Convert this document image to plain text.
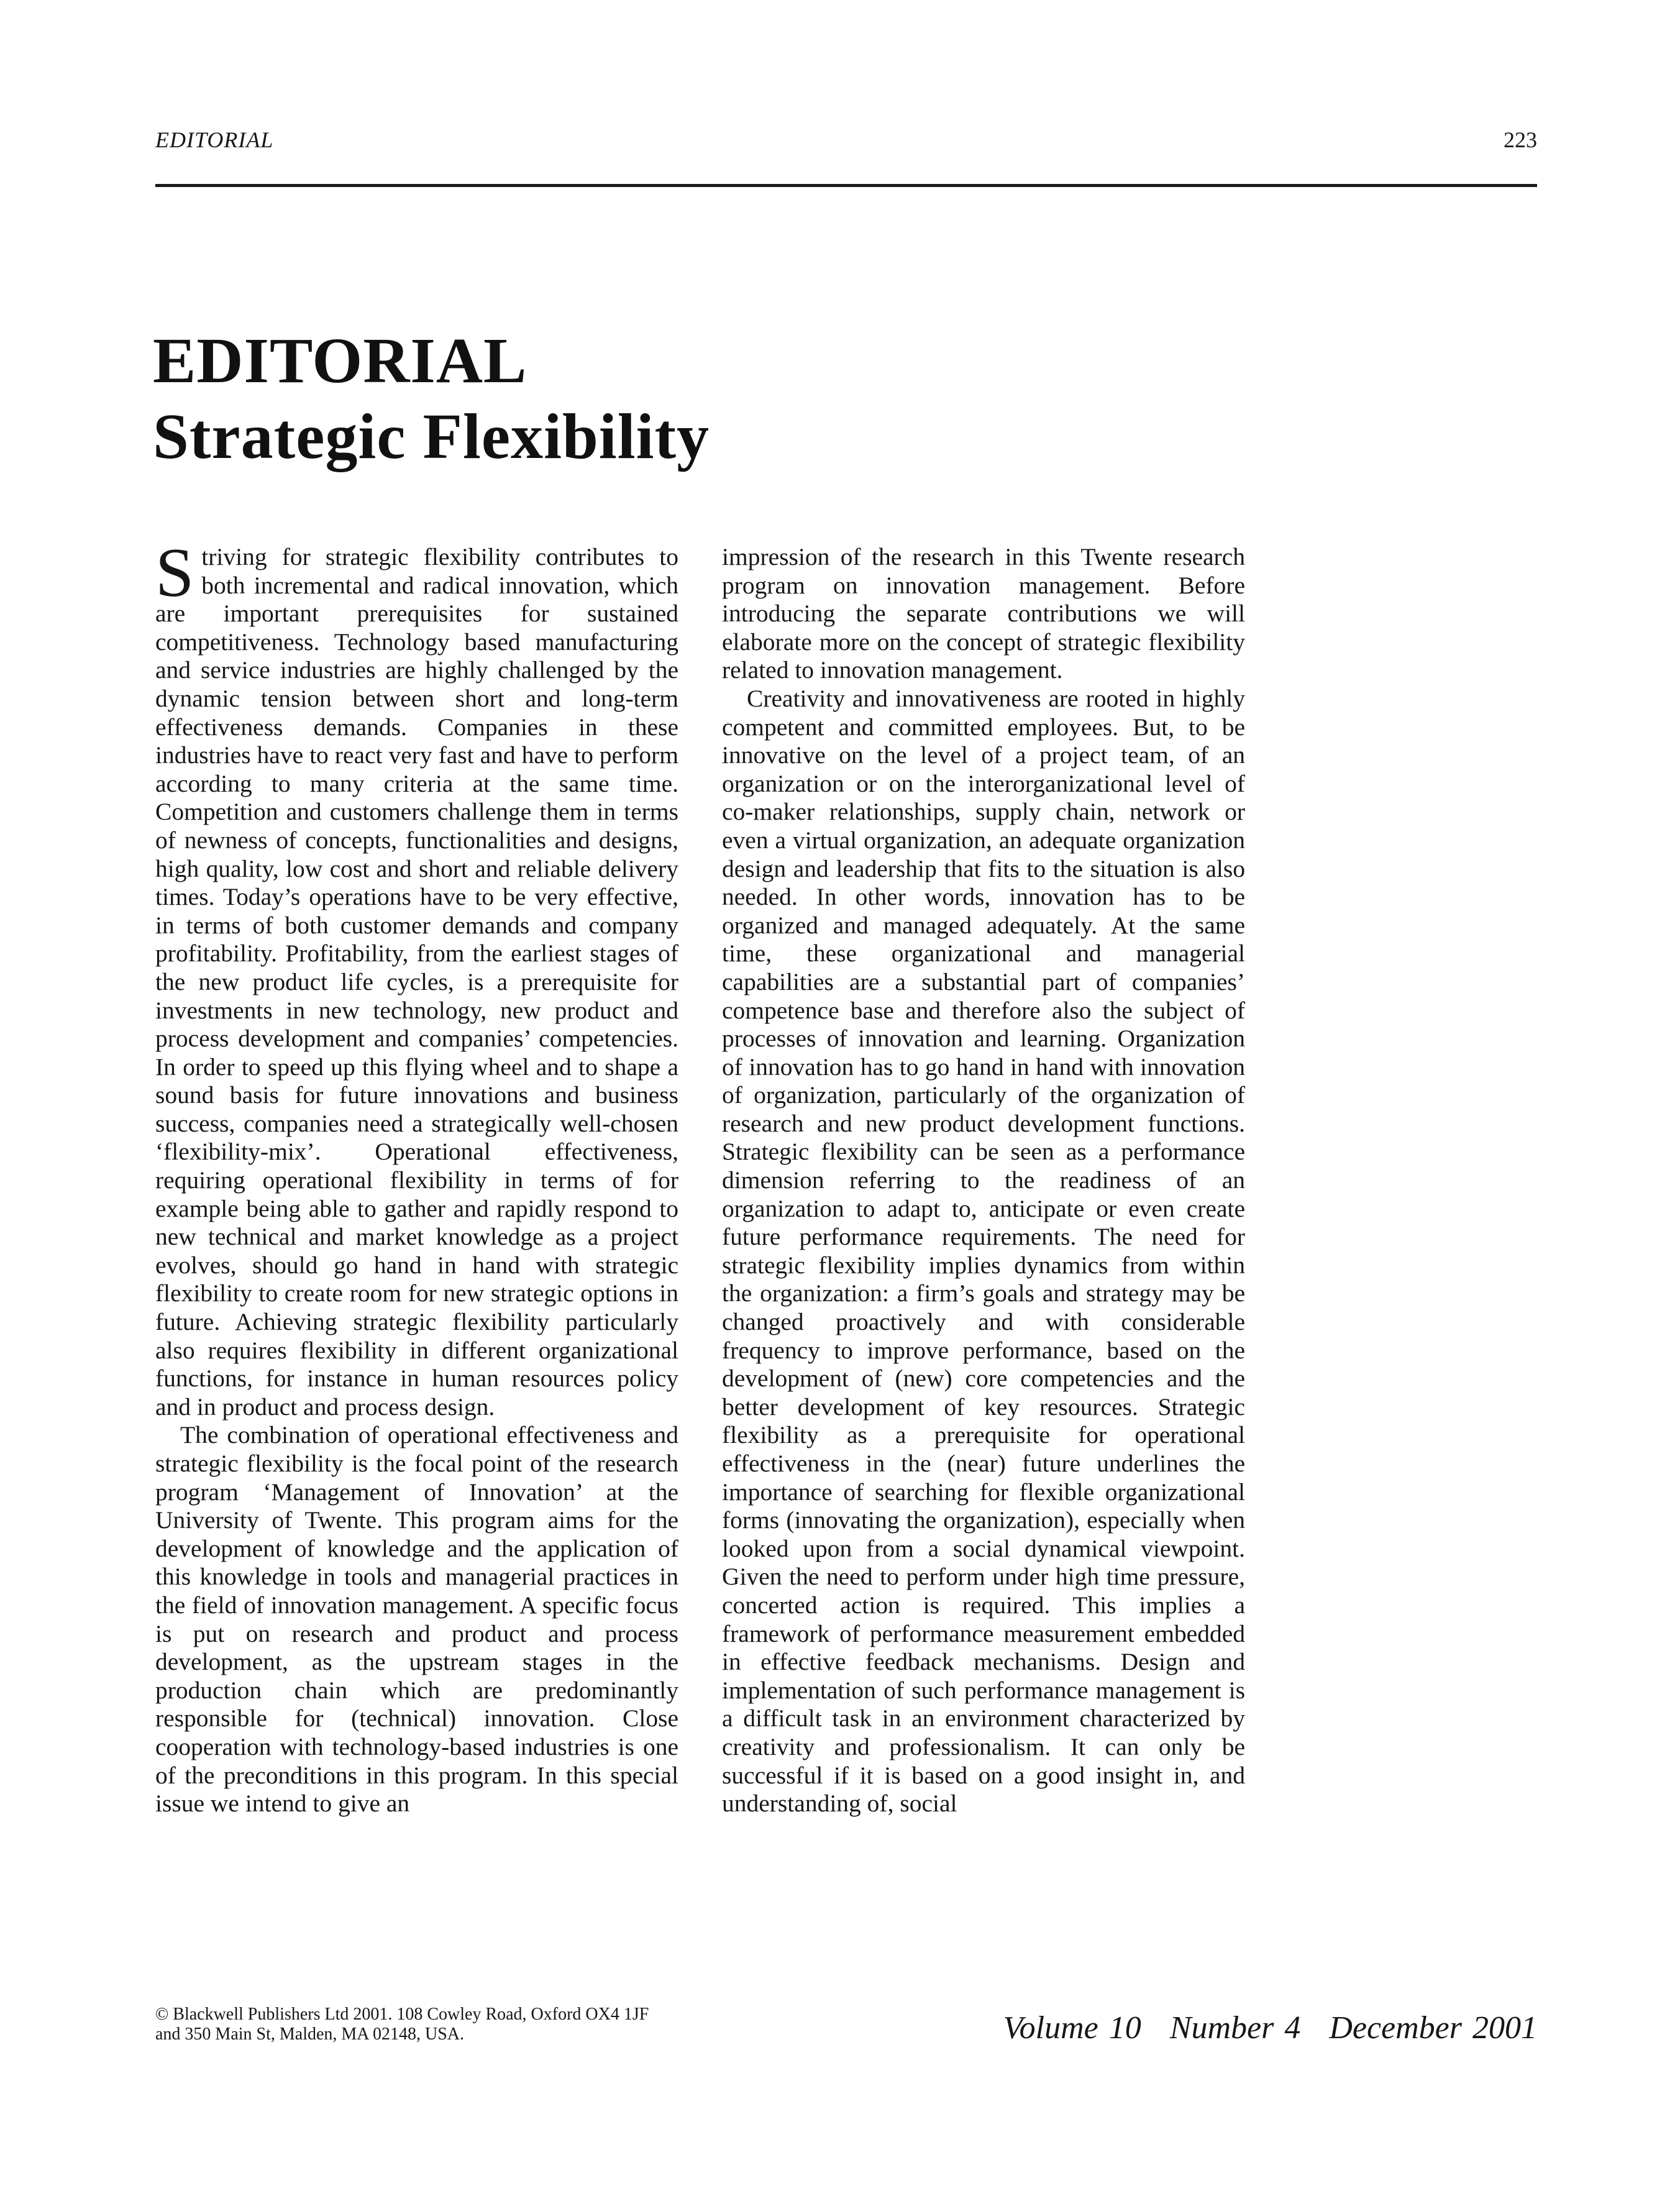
EDITORIAL	223
EDITORIAL
Strategic Flexibility

Striving for strategic flexibility contributes to both incremental and radical innovation, which are important prerequisites for sustained competitiveness. Technology based manufacturing and service industries are highly challenged by the dynamic tension between short and long-term effectiveness demands. Companies in these industries have to react very fast and have to perform according to many criteria at the same time. Competition and customers challenge them in terms of newness of concepts, functionalities and designs, high quality, low cost and short and reliable delivery times. Today’s operations have to be very effective, in terms of both customer demands and company profitability. Profitability, from the earliest stages of the new product life cycles, is a prerequisite for investments in new technology, new product and process development and companies’ competencies. In order to speed up this flying wheel and to shape a sound basis for future innovations and business success, companies need a strategically well-chosen ‘flexibility-mix’. Operational effectiveness, requiring operational flexibility in terms of for example being able to gather and rapidly respond to new technical and market knowledge as a project evolves, should go hand in hand with strategic flexibility to create room for new strategic options in future. Achieving strategic flexibility particularly also requires flexibility in different organizational functions, for instance in human resources policy and in product and process design.

The combination of operational effectiveness and strategic flexibility is the focal point of the research program ‘Management of Innovation’ at the University of Twente. This program aims for the development of knowledge and the application of this knowledge in tools and managerial practices in the field of innovation management. A specific focus is put on research and product and process development, as the upstream stages in the production chain which are predominantly responsible for (technical) innovation. Close cooperation with technology-based industries is one of the preconditions in this program. In this special issue we intend to give an

impression of the research in this Twente research program on innovation management. Before introducing the separate contributions we will elaborate more on the concept of strategic flexibility related to innovation management.

Creativity and innovativeness are rooted in highly competent and committed employees. But, to be innovative on the level of a project team, of an organization or on the interorganizational level of co-maker relationships, supply chain, network or even a virtual organization, an adequate organization design and leadership that fits to the situation is also needed. In other words, innovation has to be organized and managed adequately. At the same time, these organizational and managerial capabilities are a substantial part of companies’ competence base and therefore also the subject of processes of innovation and learning. Organization of innovation has to go hand in hand with innovation of organization, particularly of the organization of research and new product development functions. Strategic flexibility can be seen as a performance dimension referring to the readiness of an organization to adapt to, anticipate or even create future performance requirements. The need for strategic flexibility implies dynamics from within the organization: a firm’s goals and strategy may be changed proactively and with considerable frequency to improve performance, based on the development of (new) core competencies and the better development of key resources. Strategic flexibility as a prerequisite for operational effectiveness in the (near) future underlines the importance of searching for flexible organizational forms (innovating the organization), especially when looked upon from a social dynamical viewpoint. Given the need to perform under high time pressure, concerted action is required. This implies a framework of performance measurement embedded in effective feedback mechanisms. Design and implementation of such performance management is a difficult task in an environment characterized by creativity and professionalism. It can only be successful if it is based on a good insight in, and understanding of, social

© Blackwell Publishers Ltd 2001. 108 Cowley Road, Oxford OX4 1JF
and 350 Main St, Malden, MA 02148, USA.	Volume 10 Number 4 December 2001
